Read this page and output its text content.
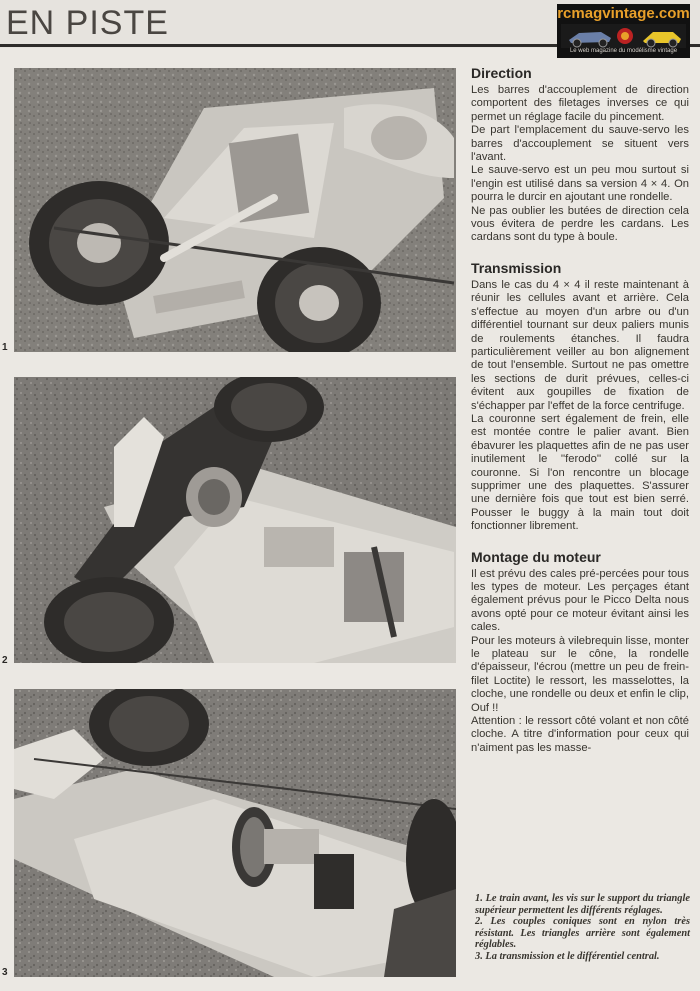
EN PISTE	rcmagvintage.com
Le web magazine du modélisme vintage
1
2
3
Direction

Les barres d'accouplement de direction comportent des filetages inverses ce qui permet un réglage facile du pincement.

De part l'emplacement du sauve-servo les barres d'accouplement se situent vers l'avant.

Le sauve-servo est un peu mou surtout si l'engin est utilisé dans sa version 4 × 4. On pourra le durcir en ajoutant une rondelle.

Ne pas oublier les butées de direction cela vous évitera de perdre les cardans. Les cardans sont du type à boule.

Transmission

Dans le cas du 4 × 4 il reste maintenant à réunir les cellules avant et arrière. Cela s'effectue au moyen d'un arbre ou d'un différentiel tournant sur deux paliers munis de roulements étanches. Il faudra particulièrement veiller au bon alignement de tout l'ensemble. Surtout ne pas omettre les sections de durit prévues, celles-ci évitent aux goupilles de fixation de s'échapper par l'effet de la force centrifuge.

La couronne sert également de frein, elle est montée contre le palier avant. Bien ébavurer les plaquettes afin de ne pas user inutilement le ''ferodo'' collé sur la couronne. Si l'on rencontre un blocage supprimer une des plaquettes. S'assurer une dernière fois que tout est bien serré. Pousser le buggy à la main tout doit fonctionner librement.

Montage du moteur

Il est prévu des cales pré-percées pour tous les types de moteur. Les perçages étant également prévus pour le Picco Delta nous avons opté pour ce moteur évitant ainsi les cales.

Pour les moteurs à vilebrequin lisse, monter le plateau sur le cône, la rondelle d'épaisseur, l'écrou (mettre un peu de frein-filet Loctite) le ressort, les masselottes, la cloche, une rondelle ou deux et enfin le clip, Ouf !!

Attention : le ressort côté volant et non côté cloche. A titre d'information pour ceux qui n'aiment pas les masse-

1. Le train avant, les vis sur le support du triangle supérieur permettent les différents réglages.

2. Les couples coniques sont en nylon très résistant. Les triangles arrière sont également réglables.

3. La transmission et le différentiel central.
